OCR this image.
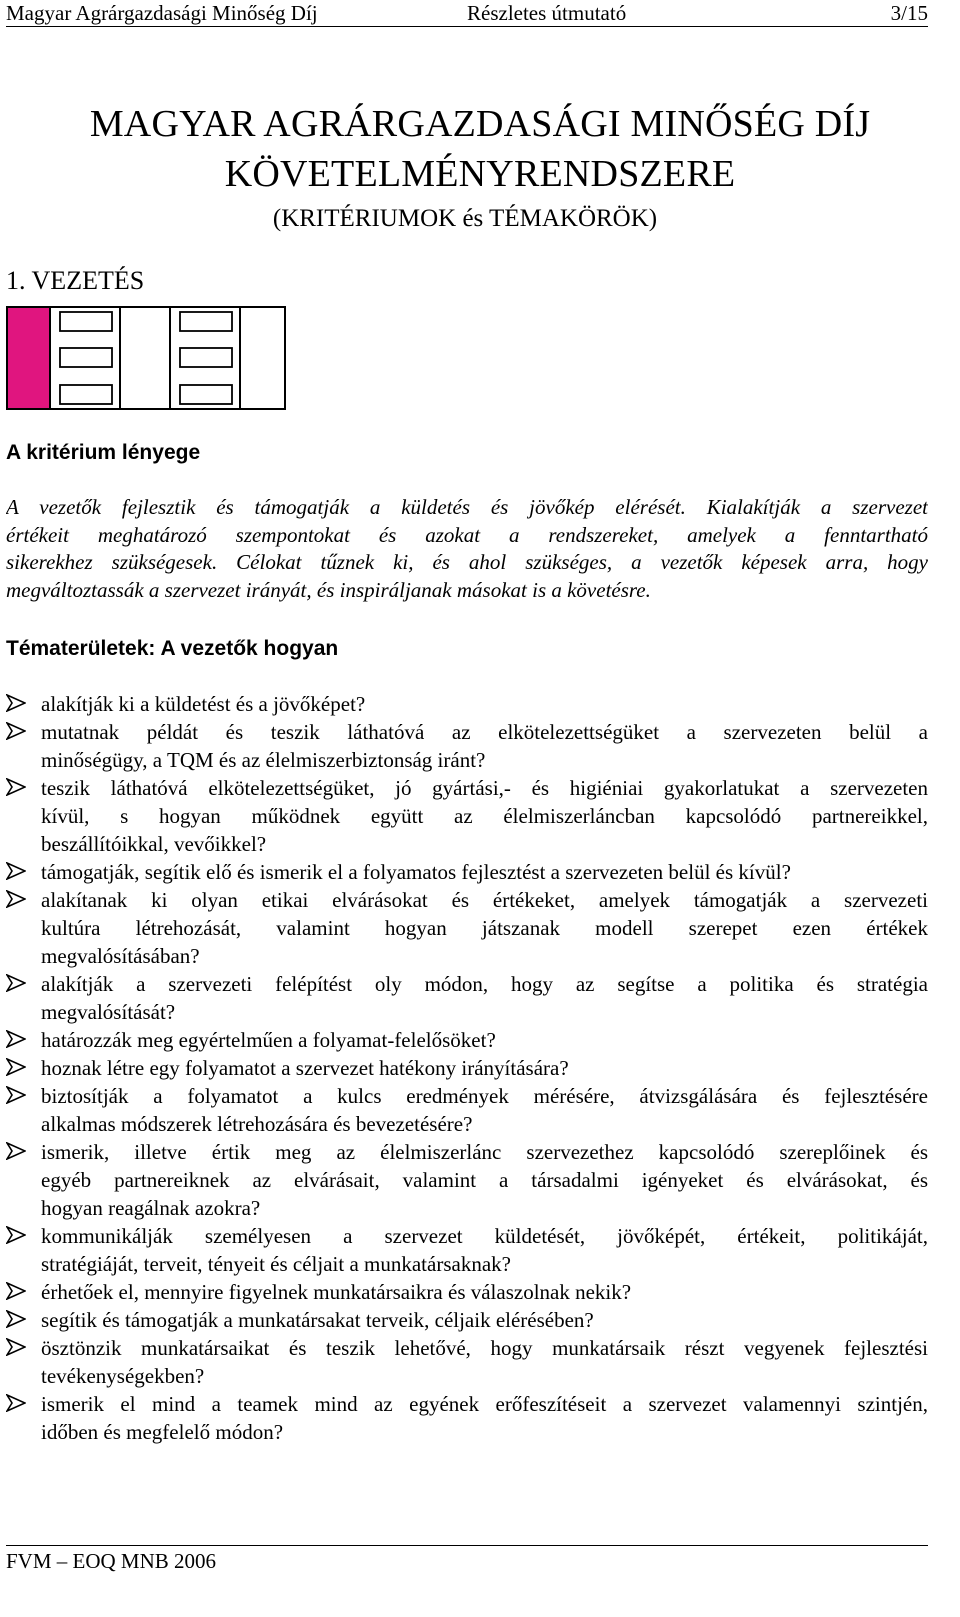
Magyar Agrárgazdasági Minőség Díj	Részletes útmutató	3/15
MAGYAR AGRÁRGAZDASÁGI MINŐSÉG DÍJ
KÖVETELMÉNYRENDSZERE
(KRITÉRIUMOK és TÉMAKÖRÖK)
1. VEZETÉS
A kritérium lényege
A vezetők fejlesztik és támogatják a küldetés és jövőkép elérését. Kialakítják a szervezet
értékeit meghatározó szempontokat és azokat a rendszereket, amelyek a fenntartható
sikerekhez szükségesek. Célokat tűznek ki, és ahol szükséges, a vezetők képesek arra, hogy
megváltoztassák a szervezet irányát, és inspiráljanak másokat is a követésre.
Tématerületek: A vezetők hogyan
alakítják ki a küldetést és a jövőképet?
mutatnak példát és teszik láthatóvá az elkötelezettségüket a szervezeten belül a
minőségügy, a TQM és az élelmiszerbiztonság iránt?
teszik láthatóvá elkötelezettségüket, jó gyártási,- és higiéniai gyakorlatukat a szervezeten
kívül, s hogyan működnek együtt az élelmiszerláncban kapcsolódó partnereikkel,
beszállítóikkal, vevőikkel?
támogatják, segítik elő és ismerik el a folyamatos fejlesztést a szervezeten belül és kívül?
alakítanak ki olyan etikai elvárásokat és értékeket, amelyek támogatják a szervezeti
kultúra létrehozását, valamint hogyan játszanak modell szerepet ezen értékek
megvalósításában?
alakítják a szervezeti felépítést oly módon, hogy az segítse a politika és stratégia
megvalósítását?
határozzák meg egyértelműen a folyamat-felelősöket?
hoznak létre egy folyamatot a szervezet hatékony irányítására?
biztosítják a folyamatot a kulcs eredmények mérésére, átvizsgálására és fejlesztésére
alkalmas módszerek létrehozására és bevezetésére?
ismerik, illetve értik meg az élelmiszerlánc szervezethez kapcsolódó szereplőinek és
egyéb partnereiknek az elvárásait, valamint a társadalmi igényeket és elvárásokat, és
hogyan reagálnak azokra?
kommunikálják személyesen a szervezet küldetését, jövőképét, értékeit, politikáját,
stratégiáját, terveit, tényeit és céljait a munkatársaknak?
érhetőek el, mennyire figyelnek munkatársaikra és válaszolnak nekik?
segítik és támogatják a munkatársakat terveik, céljaik elérésében?
ösztönzik munkatársaikat és teszik lehetővé, hogy munkatársaik részt vegyenek fejlesztési
tevékenységekben?
ismerik el mind a teamek mind az egyének erőfeszítéseit a szervezet valamennyi szintjén,
időben és megfelelő módon?
FVM – EOQ MNB 2006
